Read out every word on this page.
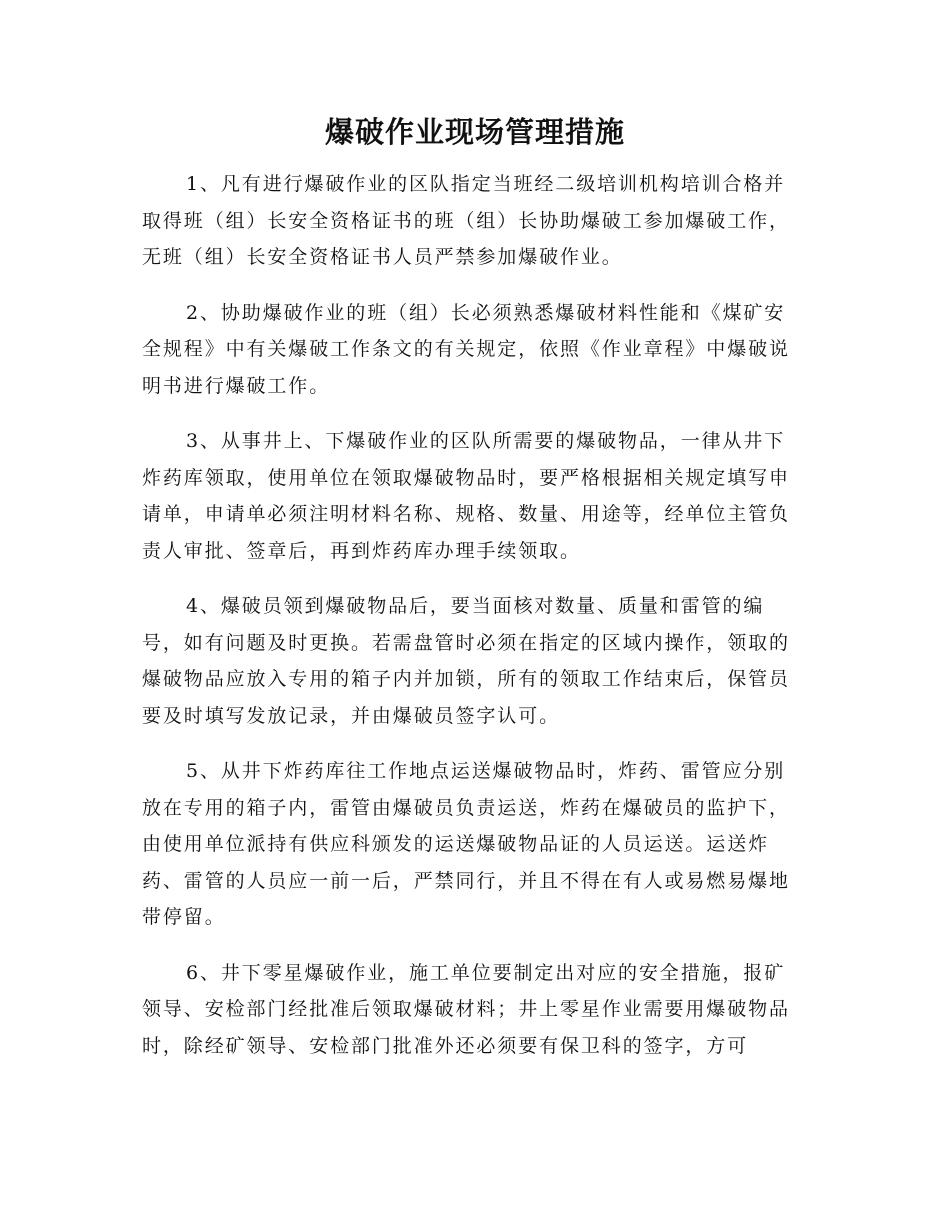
爆破作业现场管理措施

1、凡有进行爆破作业的区队指定当班经二级培训机构培训合格并取得班（组）长安全资格证书的班（组）长协助爆破工参加爆破工作，无班（组）长安全资格证书人员严禁参加爆破作业。

2、协助爆破作业的班（组）长必须熟悉爆破材料性能和《煤矿安全规程》中有关爆破工作条文的有关规定，依照《作业章程》中爆破说明书进行爆破工作。

3、从事井上、下爆破作业的区队所需要的爆破物品，一律从井下炸药库领取，使用单位在领取爆破物品时，要严格根据相关规定填写申请单，申请单必须注明材料名称、规格、数量、用途等，经单位主管负责人审批、签章后，再到炸药库办理手续领取。

4、爆破员领到爆破物品后，要当面核对数量、质量和雷管的编号，如有问题及时更换。若需盘管时必须在指定的区域内操作，领取的爆破物品应放入专用的箱子内并加锁，所有的领取工作结束后，保管员要及时填写发放记录，并由爆破员签字认可。

5、从井下炸药库往工作地点运送爆破物品时，炸药、雷管应分别放在专用的箱子内，雷管由爆破员负责运送，炸药在爆破员的监护下，由使用单位派持有供应科颁发的运送爆破物品证的人员运送。运送炸药、雷管的人员应一前一后，严禁同行，并且不得在有人或易燃易爆地带停留。

6、井下零星爆破作业，施工单位要制定出对应的安全措施，报矿领导、安检部门经批准后领取爆破材料；井上零星作业需要用爆破物品时，除经矿领导、安检部门批准外还必须要有保卫科的签字，方可
